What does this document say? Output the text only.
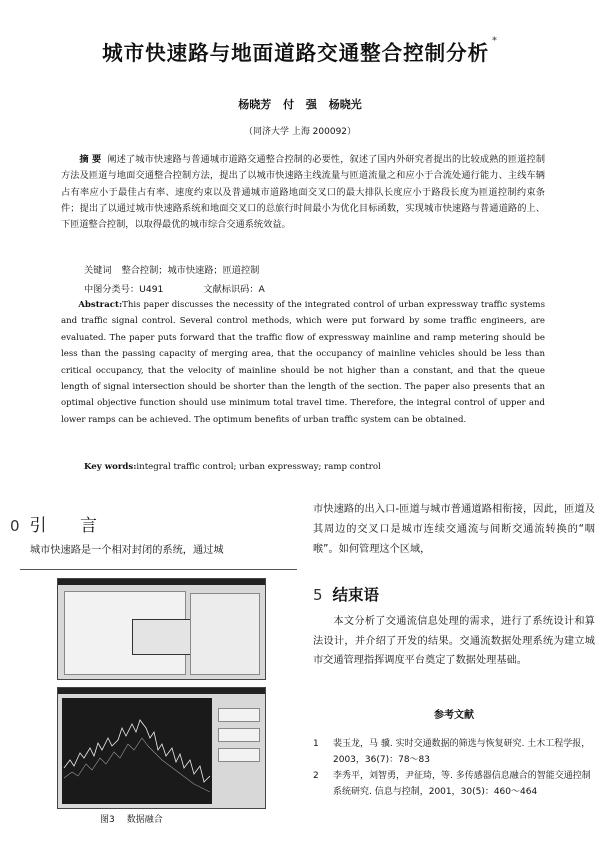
城市快速路与地面道路交通整合控制分析 *
杨晓芳 付 强 杨晓光
（同济大学 上海 200092）
摘 要 阐述了城市快速路与普通城市道路交通整合控制的必要性，叙述了国内外研究者提出的比较成熟的匝道控制方法及匝道与地面交通整合控制方法，提出了以城市快速路主线流量与匝道流量之和应小于合流处通行能力、主线车辆占有率应小于最佳占有率、速度约束以及普通城市道路地面交叉口的最大排队长度应小于路段长度为匝道控制约束条件；提出了以通过城市快速路系统和地面交叉口的总旅行时间最小为优化目标函数，实现城市快速路与普通道路的上、下匝道整合控制，以取得最优的城市综合交通系统效益。
关键词 整合控制；城市快速路；匝道控制
中图分类号：U491	文献标识码：A
Abstract:This paper discusses the necessity of the integrated control of urban expressway traffic systems and traffic signal control. Several control methods, which were put forward by some traffic engineers, are evaluated. The paper puts forward that the traffic flow of expressway mainline and ramp metering should be less than the passing capacity of merging area, that the occupancy of mainline vehicles should be less than critical occupancy, that the velocity of mainline should be not higher than a constant, and that the queue length of signal intersection should be shorter than the length of the section. The paper also presents that an optimal objective function should use minimum total travel time. Therefore, the integral control of upper and lower ramps can be achieved. The optimum benefits of urban traffic system can be obtained.
Key words:integral traffic control; urban expressway; ramp control
0 引 言
城市快速路是一个相对封闭的系统，通过城
市快速路的出入口-匝道与城市普通道路相衔接，因此，匝道及其周边的交叉口是城市连续交通流与间断交通流转换的“咽喉”。如何管理这个区域，
图3 数据融合
5 结束语
本文分析了交通流信息处理的需求，进行了系统设计和算法设计，并介绍了开发的结果。交通流数据处理系统为建立城市交通管理指挥调度平台奠定了数据处理基础。
参考文献
1 裴玉龙，马 骥. 实时交通数据的筛选与恢复研究. 土木工程学报，2003，36(7)：78～83
2 李秀平，刘智勇，尹征琦，等. 多传感器信息融合的智能交通控制系统研究. 信息与控制，2001，30(5)：460～464
